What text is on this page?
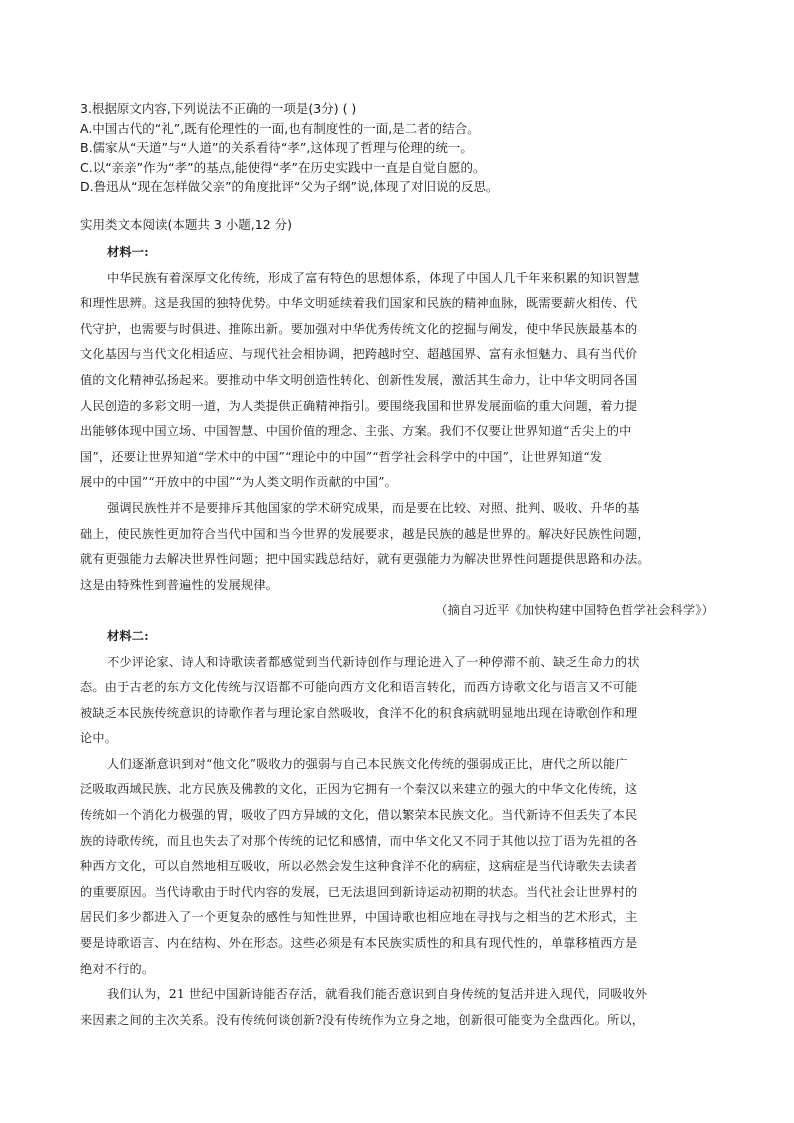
3.根据原文内容,下列说法不正确的一项是(3分) ( )
A.中国古代的“礼”,既有伦理性的一面,也有制度性的一面,是二者的结合。
B.儒家从“天道”与“人道”的关系看待“孝”,这体现了哲理与伦理的统一。
C.以“亲亲”作为“孝”的基点,能使得“孝”在历史实践中一直是自觉自愿的。
D.鲁迅从“现在怎样做父亲”的角度批评“父为子纲”说,体现了对旧说的反思。
实用类文本阅读(本题共 3 小题,12 分)
材料一:
中华民族有着深厚文化传统，形成了富有特色的思想体系，体现了中国人几千年来积累的知识智慧
和理性思辨。这是我国的独特优势。中华文明延续着我们国家和民族的精神血脉，既需要薪火相传、代
代守护，也需要与时俱进、推陈出新。要加强对中华优秀传统文化的挖掘与阐发，使中华民族最基本的
文化基因与当代文化相适应、与现代社会相协调，把跨越时空、超越国界、富有永恒魅力、具有当代价
值的文化精神弘扬起来。要推动中华文明创造性转化、创新性发展，激活其生命力，让中华文明同各国
人民创造的多彩文明一道，为人类提供正确精神指引。要围绕我国和世界发展面临的重大问题，着力提
出能够体现中国立场、中国智慧、中国价值的理念、主张、方案。我们不仅要让世界知道“舌尖上的中
国”，还要让世界知道“学术中的中国”“理论中的中国”“哲学社会科学中的中国”，让世界知道“发
展中的中国”“开放中的中国”“为人类文明作贡献的中国”。
强调民族性并不是要排斥其他国家的学术研究成果，而是要在比较、对照、批判、吸收、升华的基
础上，使民族性更加符合当代中国和当今世界的发展要求，越是民族的越是世界的。解决好民族性问题，
就有更强能力去解决世界性问题；把中国实践总结好，就有更强能力为解决世界性问题提供思路和办法。
这是由特殊性到普遍性的发展规律。
（摘自习近平《加快构建中国特色哲学社会科学》）
材料二:
不少评论家、诗人和诗歌读者都感觉到当代新诗创作与理论进入了一种停滞不前、缺乏生命力的状
态。由于古老的东方文化传统与汉语都不可能向西方文化和语言转化，而西方诗歌文化与语言又不可能
被缺乏本民族传统意识的诗歌作者与理论家自然吸收，食洋不化的积食病就明显地出现在诗歌创作和理
论中。
人们逐渐意识到对“他文化”吸收力的强弱与自己本民族文化传统的强弱成正比，唐代之所以能广
泛吸取西域民族、北方民族及佛教的文化，正因为它拥有一个秦汉以来建立的强大的中华文化传统，这
传统如一个消化力极强的胃，吸收了四方异域的文化，借以繁荣本民族文化。当代新诗不但丢失了本民
族的诗歌传统，而且也失去了对那个传统的记忆和感情，而中华文化又不同于其他以拉丁语为先祖的各
种西方文化，可以自然地相互吸收，所以必然会发生这种食洋不化的病症，这病症是当代诗歌失去读者
的重要原因。当代诗歌由于时代内容的发展，已无法退回到新诗运动初期的状态。当代社会让世界村的
居民们多少都进入了一个更复杂的感性与知性世界，中国诗歌也相应地在寻找与之相当的艺术形式，主
要是诗歌语言、内在结构、外在形态。这些必须是有本民族实质性的和具有现代性的，单靠移植西方是
绝对不行的。
我们认为，21 世纪中国新诗能否存活，就看我们能否意识到自身传统的复活并进入现代，同吸收外
来因素之间的主次关系。没有传统何谈创新?没有传统作为立身之地，创新很可能变为全盘西化。所以，
